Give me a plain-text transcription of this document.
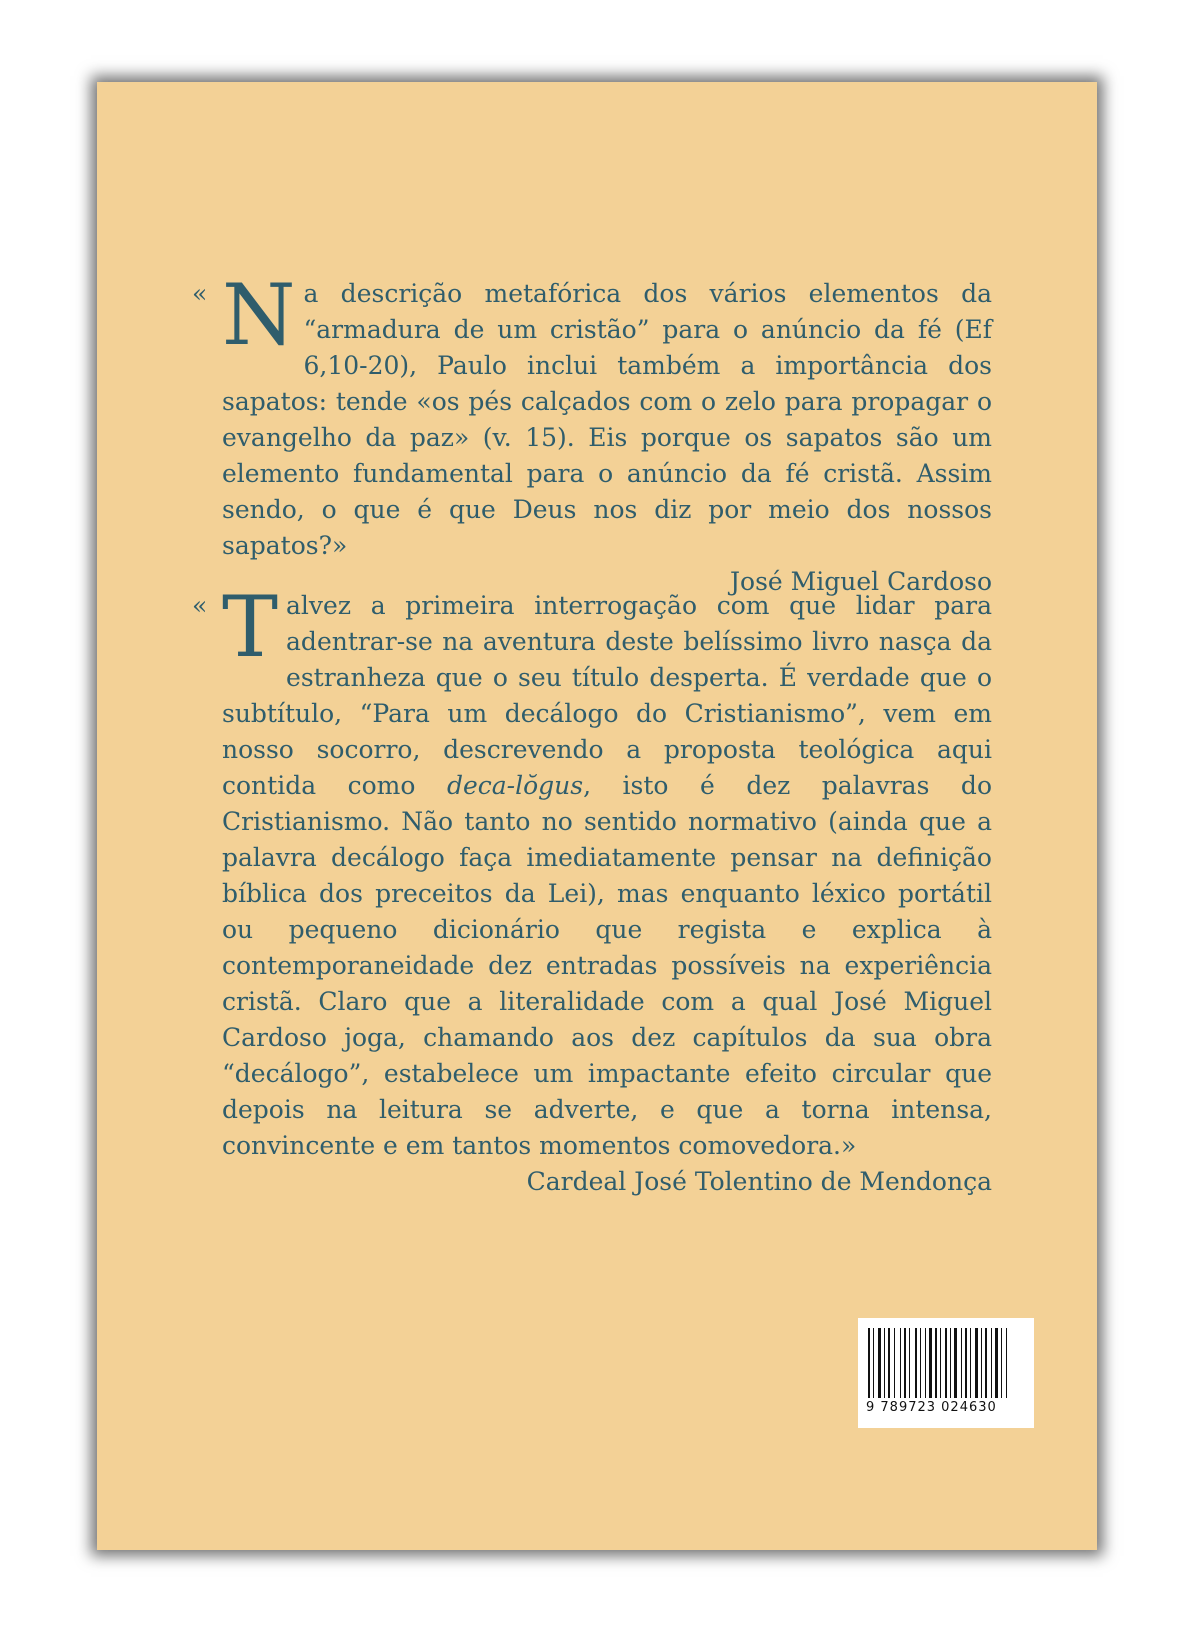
« Na descrição metafórica dos vários elementos da “armadura de um cristão” para o anúncio da fé (Ef 6,10-20), Paulo inclui também a importância dos sapatos: tende «os pés calçados com o zelo para propagar o evangelho da paz» (v. 15). Eis porque os sapatos são um elemento fundamental para o anúncio da fé cristã. Assim sendo, o que é que Deus nos diz por meio dos nossos sapatos?»

José Miguel Cardoso
« Talvez a primeira interrogação com que lidar para adentrar-se na aventura deste belíssimo livro nasça da estranheza que o seu título desperta. É verdade que o subtítulo, “Para um decálogo do Cristianismo”, vem em nosso socorro, descrevendo a proposta teológica aqui contida como deca-lŏgus, isto é dez palavras do Cristianismo. Não tanto no sentido normativo (ainda que a palavra decálogo faça imediatamente pensar na definição bíblica dos preceitos da Lei), mas enquanto léxico portátil ou pequeno dicionário que regista e explica à contemporaneidade dez entradas possíveis na experiência cristã. Claro que a literalidade com a qual José Miguel Cardoso joga, chamando aos dez capítulos da sua obra “decálogo”, estabelece um impactante efeito circular que depois na leitura se adverte, e que a torna intensa, convincente e em tantos momentos comovedora.»

Cardeal José Tolentino de Mendonça
9 789723 024630
